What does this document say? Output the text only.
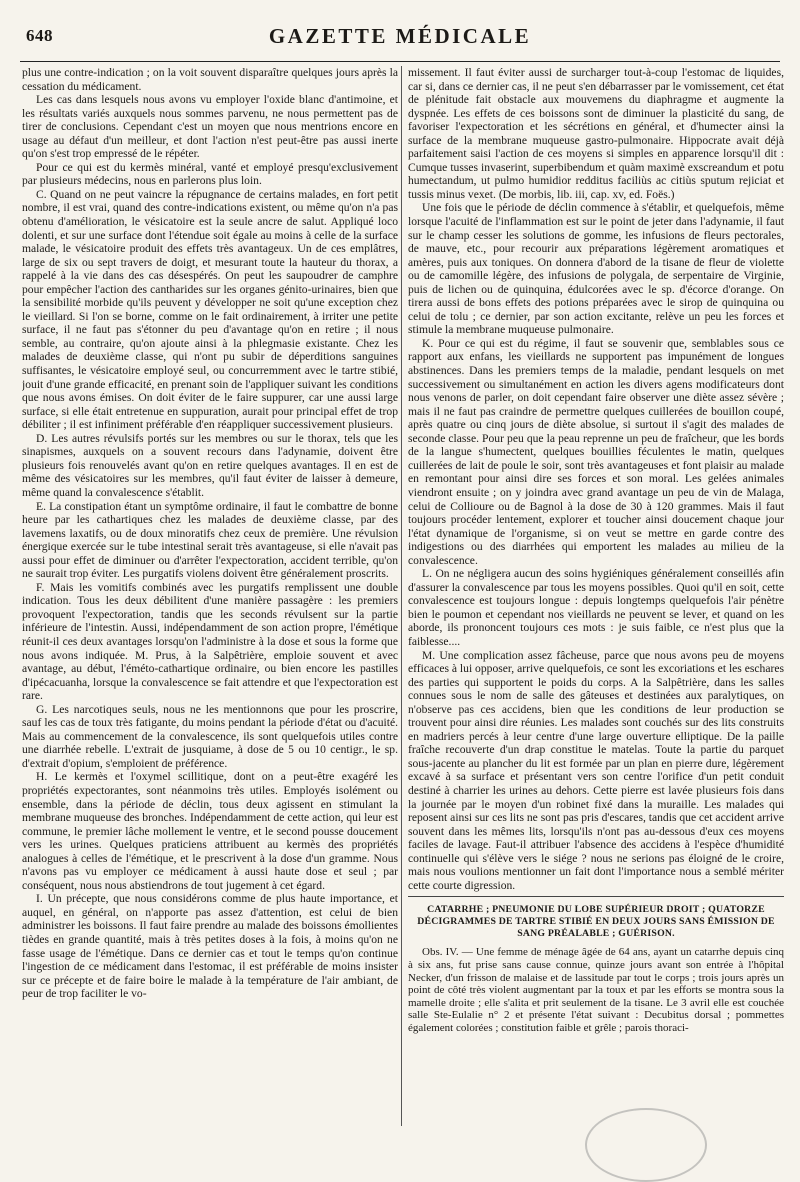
648	GAZETTE MÉDICALE

plus une contre-indication ; on la voit souvent disparaître quelques jours après la cessation du médicament.

Les cas dans lesquels nous avons vu employer l'oxide blanc d'antimoine, et les résultats variés auxquels nous sommes parvenu, ne nous permettent pas de tirer de conclusions. Cependant c'est un moyen que nous mentrions encore en usage au défaut d'un meilleur, et dont l'action n'est peut-être pas aussi inerte qu'on s'est trop empressé de le répéter.

Pour ce qui est du kermès minéral, vanté et employé presqu'exclusivement par plusieurs médecins, nous en parlerons plus loin.

C. Quand on ne peut vaincre la répugnance de certains malades, en fort petit nombre, il est vrai, quand des contre-indications existent, ou même qu'on n'a pas obtenu d'amélioration, le vésicatoire est la seule ancre de salut. Appliqué loco dolenti, et sur une surface dont l'étendue soit égale au moins à celle de la surface malade, le vésicatoire produit des effets très avantageux. Un de ces emplâtres, large de six ou sept travers de doigt, et mesurant toute la hauteur du thorax, a rappelé à la vie dans des cas désespérés. On peut les saupoudrer de camphre pour empêcher l'action des cantharides sur les organes génito-urinaires, bien que la sensibilité morbide qu'ils peuvent y développer ne soit qu'une exception chez le vieillard. Si l'on se borne, comme on le fait ordinairement, à irriter une petite surface, il ne faut pas s'étonner du peu d'avantage qu'on en retire ; il nous semble, au contraire, qu'on ajoute ainsi à la phlegmasie existante. Chez les malades de deuxième classe, qui n'ont pu subir de déperditions sanguines suffisantes, le vésicatoire employé seul, ou concurremment avec le tartre stibié, jouit d'une grande efficacité, en prenant soin de l'appliquer suivant les conditions que nous avons émises. On doit éviter de le faire suppurer, car une aussi large surface, si elle était entretenue en suppuration, aurait pour principal effet de trop débiliter ; il est infiniment préférable d'en réappliquer successivement plusieurs.

D. Les autres révulsifs portés sur les membres ou sur le thorax, tels que les sinapismes, auxquels on a souvent recours dans l'adynamie, doivent être plusieurs fois renouvelés avant qu'on en retire quelques avantages. Il en est de même des vésicatoires sur les membres, qu'il faut éviter de laisser à demeure, même quand la convalescence s'établit.

E. La constipation étant un symptôme ordinaire, il faut le combattre de bonne heure par les cathartiques chez les malades de deuxième classe, par des lavemens laxatifs, ou de doux minoratifs chez ceux de première. Une révulsion énergique exercée sur le tube intestinal serait très avantageuse, si elle n'avait pas aussi pour effet de diminuer ou d'arrêter l'expectoration, accident terrible, qu'on ne saurait trop éviter. Les purgatifs violens doivent être généralement proscrits.

F. Mais les vomitifs combinés avec les purgatifs remplissent une double indication. Tous les deux débilitent d'une manière passagère : les premiers provoquent l'expectoration, tandis que les seconds révulsent sur la partie inférieure de l'intestin. Aussi, indépendamment de son action propre, l'émétique réunit-il ces deux avantages lorsqu'on l'administre à la dose et sous la forme que nous avons indiquée. M. Prus, à la Salpêtrière, emploie souvent et avec avantage, au début, l'éméto-cathartique ordinaire, ou bien encore les pastilles d'ipécacuanha, lorsque la convalescence se fait attendre et que l'expectoration est rare.

G. Les narcotiques seuls, nous ne les mentionnons que pour les proscrire, sauf les cas de toux très fatigante, du moins pendant la période d'état ou d'acuité. Mais au commencement de la convalescence, ils sont quelquefois utiles contre une diarrhée rebelle. L'extrait de jusquiame, à dose de 5 ou 10 centigr., le sp. d'extrait d'opium, s'emploient de préférence.

H. Le kermès et l'oxymel scillitique, dont on a peut-être exagéré les propriétés expectorantes, sont néanmoins très utiles. Employés isolément ou ensemble, dans la période de déclin, tous deux agissent en stimulant la membrane muqueuse des bronches. Indépendamment de cette action, qui leur est commune, le premier lâche mollement le ventre, et le second pousse doucement vers les urines. Quelques praticiens attribuent au kermès des propriétés analogues à celles de l'émétique, et le prescrivent à la dose d'un gramme. Nous n'avons pas vu employer ce médicament à aussi haute dose et seul ; par conséquent, nous nous abstiendrons de tout jugement à cet égard.

I. Un précepte, que nous considérons comme de plus haute importance, et auquel, en général, on n'apporte pas assez d'attention, est celui de bien administrer les boissons. Il faut faire prendre au malade des boissons émollientes tièdes en grande quantité, mais à très petites doses à la fois, à moins qu'on ne fasse usage de l'émétique. Dans ce dernier cas et tout le temps qu'on continue l'ingestion de ce médicament dans l'estomac, il est préférable de moins insister sur ce précepte et de faire boire le malade à la température de l'air ambiant, de peur de trop faciliter le vo-

missement. Il faut éviter aussi de surcharger tout-à-coup l'estomac de liquides, car si, dans ce dernier cas, il ne peut s'en débarrasser par le vomissement, cet état de plénitude fait obstacle aux mouvemens du diaphragme et augmente la dyspnée. Les effets de ces boissons sont de diminuer la plasticité du sang, de favoriser l'expectoration et les sécrétions en général, et d'humecter ainsi la surface de la membrane muqueuse gastro-pulmonaire. Hippocrate avait déjà parfaitement saisi l'action de ces moyens si simples en apparence lorsqu'il dit : Cumque tusses invaserint, superbibendum et quàm maximè exscreandum et potu humectandum, ut pulmo humidior redditus faciliùs ac citiùs sputum rejiciat et tussis minus vexet. (De morbis, lib. iii, cap. xv, ed. Foës.)

Une fois que le période de déclin commence à s'établir, et quelquefois, même lorsque l'acuité de l'inflammation est sur le point de jeter dans l'adynamie, il faut sur le champ cesser les solutions de gomme, les infusions de fleurs pectorales, de mauve, etc., pour recourir aux préparations légèrement aromatiques et amères, puis aux toniques. On donnera d'abord de la tisane de fleur de violette ou de camomille légère, des infusions de polygala, de serpentaire de Virginie, puis de lichen ou de quinquina, édulcorées avec le sp. d'écorce d'orange. On tirera aussi de bons effets des potions préparées avec le sirop de quinquina ou celui de tolu ; ce dernier, par son action excitante, relève un peu les forces et stimule la membrane muqueuse pulmonaire.

K. Pour ce qui est du régime, il faut se souvenir que, semblables sous ce rapport aux enfans, les vieillards ne supportent pas impunément de longues abstinences. Dans les premiers temps de la maladie, pendant lesquels on met successivement ou simultanément en action les divers agens modificateurs dont nous venons de parler, on doit cependant faire observer une diète assez sévère ; mais il ne faut pas craindre de permettre quelques cuillerées de bouillon coupé, après quatre ou cinq jours de diète absolue, si surtout il s'agit des malades de seconde classe. Pour peu que la peau reprenne un peu de fraîcheur, que les bords de la langue s'humectent, quelques bouillies féculentes le matin, quelques cuillerées de lait de poule le soir, sont très avantageuses et font plaisir au malade en remontant pour ainsi dire ses forces et son moral. Les gelées animales viendront ensuite ; on y joindra avec grand avantage un peu de vin de Malaga, celui de Collioure ou de Bagnol à la dose de 30 à 120 grammes. Mais il faut toujours procéder lentement, explorer et toucher ainsi doucement chaque jour l'état dynamique de l'organisme, si on veut se mettre en garde contre des indigestions ou des diarrhées qui emportent les malades au milieu de la convalescence.

L. On ne négligera aucun des soins hygiéniques généralement conseillés afin d'assurer la convalescence par tous les moyens possibles. Quoi qu'il en soit, cette convalescence est toujours longue : depuis longtemps quelquefois l'air pénètre bien le poumon et cependant nos vieillards ne peuvent se lever, et quand on les aborde, ils prononcent toujours ces mots : je suis faible, ce n'est plus que la faiblesse....

M. Une complication assez fâcheuse, parce que nous avons peu de moyens efficaces à lui opposer, arrive quelquefois, ce sont les excoriations et les eschares des parties qui supportent le poids du corps. A la Salpêtrière, dans les salles connues sous le nom de salle des gâteuses et destinées aux paralytiques, on n'observe pas ces accidens, bien que les conditions de leur production se trouvent pour ainsi dire réunies. Les malades sont couchés sur des lits construits en madriers percés à leur centre d'une large ouverture elliptique. De la paille fraîche recouverte d'un drap constitue le matelas. Toute la partie du parquet sous-jacente au plancher du lit est formée par un plan en pierre dure, légèrement excavé à sa surface et présentant vers son centre l'orifice d'un petit conduit destiné à charrier les urines au dehors. Cette pierre est lavée plusieurs fois dans la journée par le moyen d'un robinet fixé dans la muraille. Les malades qui reposent ainsi sur ces lits ne sont pas pris d'escares, tandis que cet accident arrive souvent dans les mêmes lits, lorsqu'ils n'ont pas au-dessous d'eux ces moyens faciles de lavage. Faut-il attribuer l'absence des accidens à l'espèce d'humidité continuelle qui s'élève vers le siége ? nous ne serions pas éloigné de le croire, mais nous voulions mentionner un fait dont l'importance nous a semblé mériter cette courte digression.

CATARRHE ; PNEUMONIE DU LOBE SUPÉRIEUR DROIT ; QUATORZE DÉCIGRAMMES DE TARTRE STIBIÉ EN DEUX JOURS SANS ÉMISSION DE SANG PRÉALABLE ; GUÉRISON.

Obs. IV. — Une femme de ménage âgée de 64 ans, ayant un catarrhe depuis cinq à six ans, fut prise sans cause connue, quinze jours avant son entrée à l'hôpital Necker, d'un frisson de malaise et de lassitude par tout le corps ; trois jours après un point de côté très violent augmentant par la toux et par les efforts se montra sous la mamelle droite ; elle s'alita et prit seulement de la tisane. Le 3 avril elle est couchée salle Ste-Eulalie n° 2 et présente l'état suivant : Decubitus dorsal ; pommettes également colorées ; constitution faible et grêle ; parois thoraci-
